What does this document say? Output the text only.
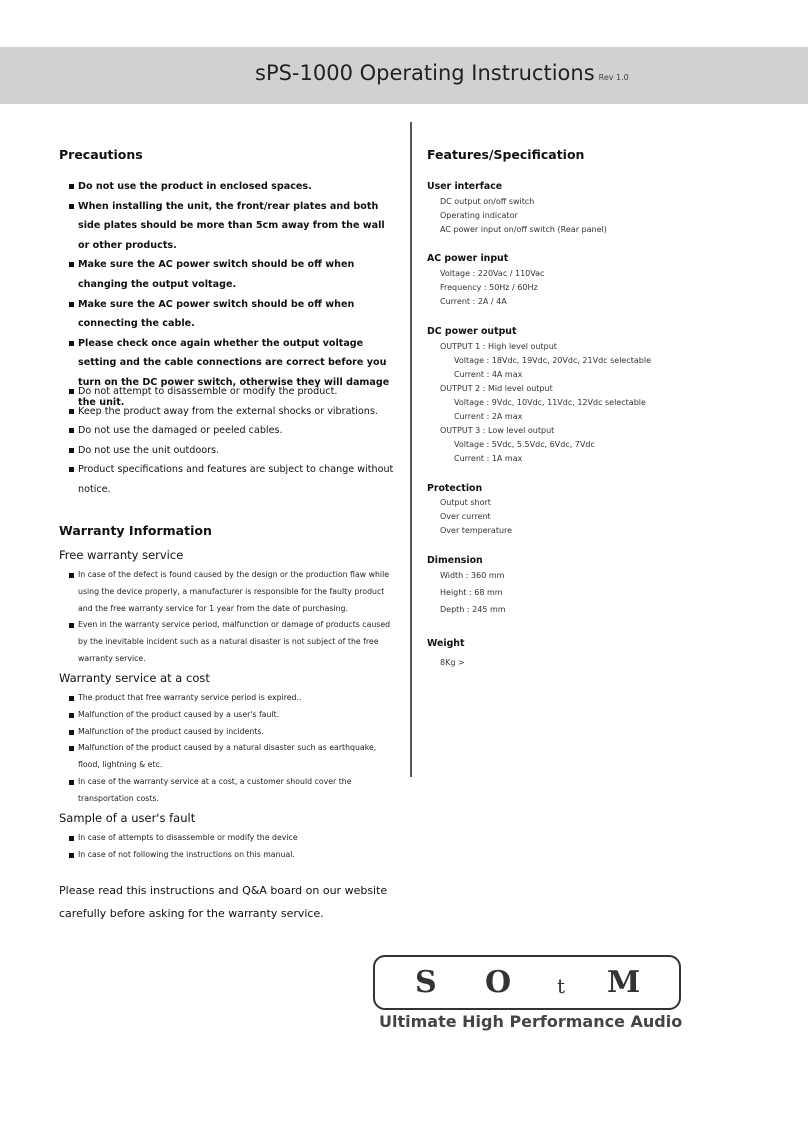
sPS-1000 Operating Instructions Rev 1.0
Precautions
Do not use the product in enclosed spaces.
When installing the unit, the front/rear plates and both side plates should be more than 5cm away from the wall or other products.
Make sure the AC power switch should be off when changing the output voltage.
Make sure the AC power switch should be off when connecting the cable.
Please check once again whether the output voltage setting and the cable connections are correct before you turn on the DC power switch, otherwise they will damage the unit.
Do not attempt to disassemble or modify the product.
Keep the product away from the external shocks or vibrations.
Do not use the damaged or peeled cables.
Do not use the unit outdoors.
Product specifications and features are subject to change without notice.
Warranty Information
Free warranty service
In case of the defect is found caused by the design or the production flaw while using the device properly, a manufacturer is responsible for the faulty product and the free warranty service for 1 year from the date of purchasing.
Even in the warranty service period, malfunction or damage of products caused by the inevitable incident such as a natural disaster is not subject of the free warranty service.
Warranty service at a cost
The product that free warranty service period is expired..
Malfunction of the product caused by a user's fault.
Malfunction of the product caused by incidents.
Malfunction of the product caused by a natural disaster such as earthquake, flood, lightning & etc.
In case of the warranty service at a cost, a customer should cover the transportation costs.
Sample of a user's fault
In case of attempts to disassemble or modify the device
In case of not following the instructions on this manual.
Please read this instructions and Q&A board on our website
carefully before asking for the warranty service.
Features/Specification
User interface
DC output on/off switch
Operating indicator
AC power input on/off switch (Rear panel)
AC power input
Voltage : 220Vac / 110Vac
Frequency : 50Hz / 60Hz
Current : 2A / 4A
DC power output
OUTPUT 1 : High level output
Voltage : 18Vdc, 19Vdc, 20Vdc, 21Vdc selectable
Current : 4A max
OUTPUT 2 : Mid level output
Voltage : 9Vdc, 10Vdc, 11Vdc, 12Vdc selectable
Current : 2A max
OUTPUT 3 : Low level output
Voltage : 5Vdc, 5.5Vdc, 6Vdc, 7Vdc
Current : 1A max
Protection
Output short
Over current
Over temperature
Dimension
Width : 360 mm
Height : 68 mm
Depth : 245 mm
Weight
8Kg >
S O t M
Ultimate High Performance Audio
